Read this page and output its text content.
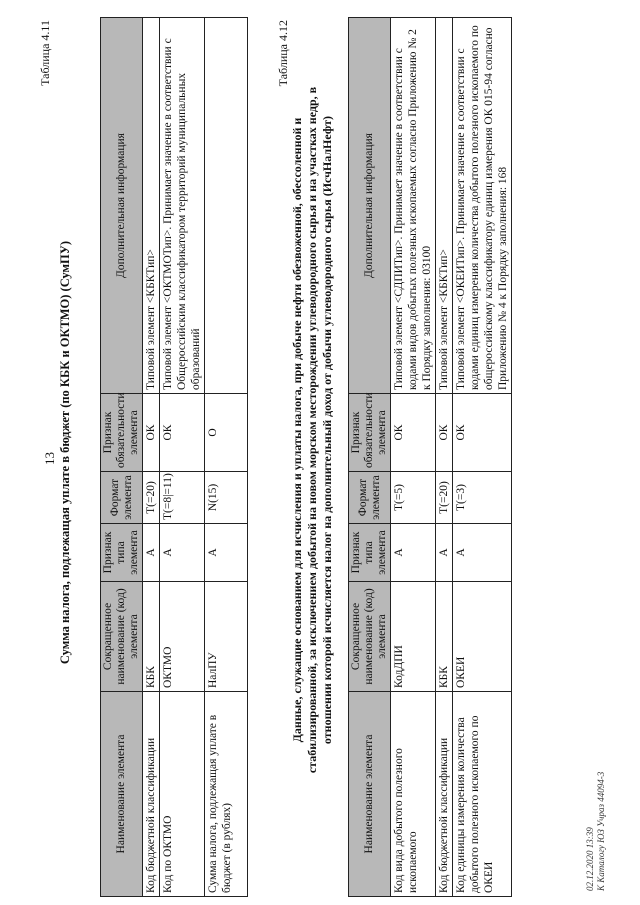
13
Таблица 4.11
Сумма налога, подлежащая уплате в бюджет (по КБК и ОКТМО) (СумПУ)
Наименование элемента	Сокращенное наименование (код) элемента	Признак типа элемента	Формат элемента	Признак обязательности элемента	Дополнительная информация
Код бюджетной классификации	КБК	А	T(=20)	ОК	Типовой элемент <КБКТип>
Код по ОКТМО	ОКТМО	А	T(=8|=11)	ОК	Типовой элемент <ОКТМОТип>. Принимает значение в соответствии с Общероссийским классификатором территорий муниципальных образований
Сумма налога, подлежащая уплате в бюджет (в рублях)	НалПУ	А	N(15)	О	
Таблица 4.12
Данные, служащие основанием для исчисления и уплаты налога, при добыче нефти обезвоженной, обессоленной и стабилизированной, за исключением добытой на новом морском месторождении углеводородного сырья и на участках недр, в отношении которой исчисляется налог на дополнительный доход от добычи углеводородного сырья (ИсчНалНефт)
Наименование элемента	Сокращенное наименование (код) элемента	Признак типа элемента	Формат элемента	Признак обязательности элемента	Дополнительная информация
Код вида добытого полезного ископаемого	КодДПИ	А	T(=5)	ОК	Типовой элемент <СДПИТип>. Принимает значение в соответствии с кодами видов добытых полезных ископаемых согласно Приложению № 2 к Порядку заполнения: 03100
Код бюджетной классификации	КБК	А	T(=20)	ОК	Типовой элемент <КБКТип>
Код единицы измерения количества добытого полезного ископаемого по ОКЕИ	ОКЕИ	А	T(=3)	ОК	Типовой элемент <ОКЕИТип>. Принимает значение в соответствии с кодами единиц измерения количества добытого полезного ископаемого по общероссийскому классификатору единиц измерения ОК 015-94 согласно Приложению № 4 к Порядку заполнения: 168
02.12.2020 13:39 К Каталогу ЮЗ Учраз 44094-3
